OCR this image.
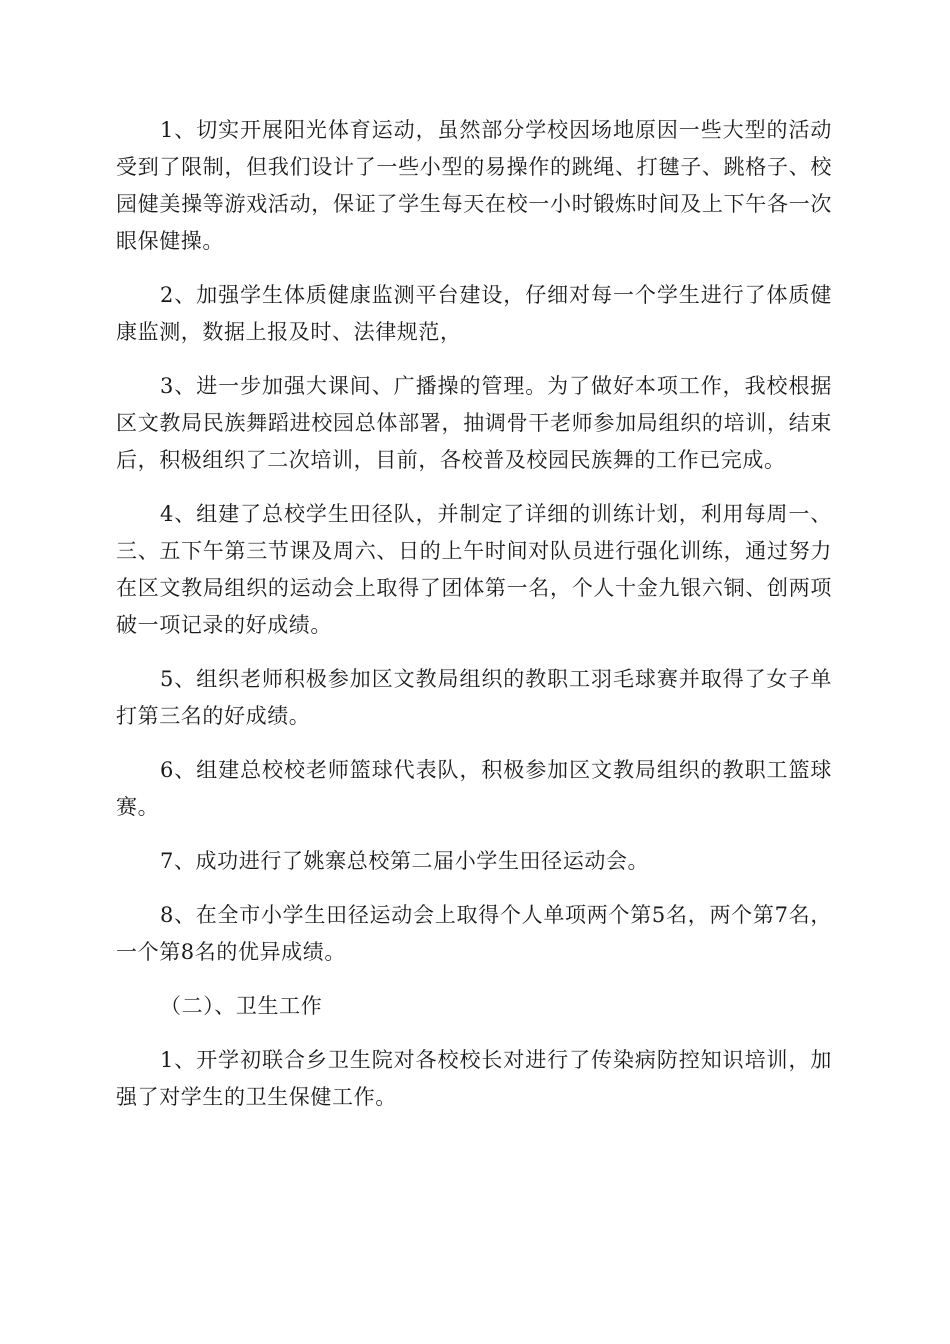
1、切实开展阳光体育运动，虽然部分学校因场地原因一些大型的活动受到了限制，但我们设计了一些小型的易操作的跳绳、打毽子、跳格子、校园健美操等游戏活动，保证了学生每天在校一小时锻炼时间及上下午各一次眼保健操。

2、加强学生体质健康监测平台建设，仔细对每一个学生进行了体质健康监测，数据上报及时、法律规范，

3、进一步加强大课间、广播操的管理。为了做好本项工作，我校根据区文教局民族舞蹈进校园总体部署，抽调骨干老师参加局组织的培训，结束后，积极组织了二次培训，目前，各校普及校园民族舞的工作已完成。

4、组建了总校学生田径队，并制定了详细的训练计划，利用每周一、三、五下午第三节课及周六、日的上午时间对队员进行强化训练，通过努力在区文教局组织的运动会上取得了团体第一名，个人十金九银六铜、创两项破一项记录的好成绩。

5、组织老师积极参加区文教局组织的教职工羽毛球赛并取得了女子单打第三名的好成绩。

6、组建总校校老师篮球代表队，积极参加区文教局组织的教职工篮球赛。

7、成功进行了姚寨总校第二届小学生田径运动会。

8、在全市小学生田径运动会上取得个人单项两个第5名，两个第7名，一个第8名的优异成绩。

（二）、卫生工作

1、开学初联合乡卫生院对各校校长对进行了传染病防控知识培训，加强了对学生的卫生保健工作。
